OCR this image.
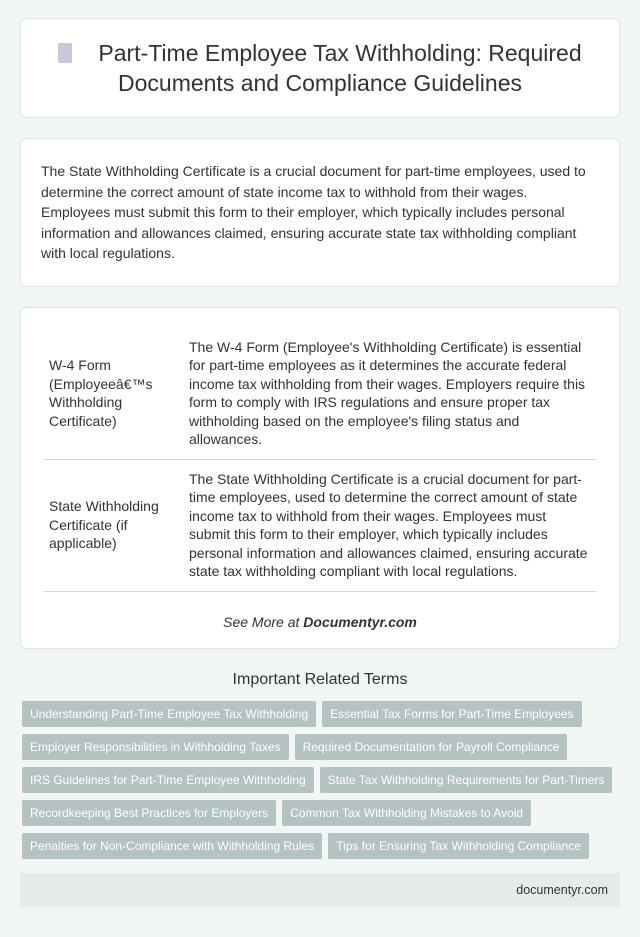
Part-Time Employee Tax Withholding: Required Documents and Compliance Guidelines
The State Withholding Certificate is a crucial document for part-time employees, used to determine the correct amount of state income tax to withhold from their wages. Employees must submit this form to their employer, which typically includes personal information and allowances claimed, ensuring accurate state tax withholding compliant with local regulations.
W-4 Form (Employeeâ€™s Withholding Certificate)	The W-4 Form (Employee's Withholding Certificate) is essential for part-time employees as it determines the accurate federal income tax withholding from their wages. Employers require this form to comply with IRS regulations and ensure proper tax withholding based on the employee's filing status and allowances.
State Withholding Certificate (if applicable)	The State Withholding Certificate is a crucial document for part-time employees, used to determine the correct amount of state income tax to withhold from their wages. Employees must submit this form to their employer, which typically includes personal information and allowances claimed, ensuring accurate state tax withholding compliant with local regulations.
See More at Documentyr.com
Important Related Terms
Understanding Part-Time Employee Tax Withholding	Essential Tax Forms for Part-Time Employees
Employer Responsibilities in Withholding Taxes	Required Documentation for Payroll Compliance
IRS Guidelines for Part-Time Employee Withholding	State Tax Withholding Requirements for Part-Timers
Recordkeeping Best Practices for Employers	Common Tax Withholding Mistakes to Avoid
Penalties for Non-Compliance with Withholding Rules	Tips for Ensuring Tax Withholding Compliance
documentyr.com
